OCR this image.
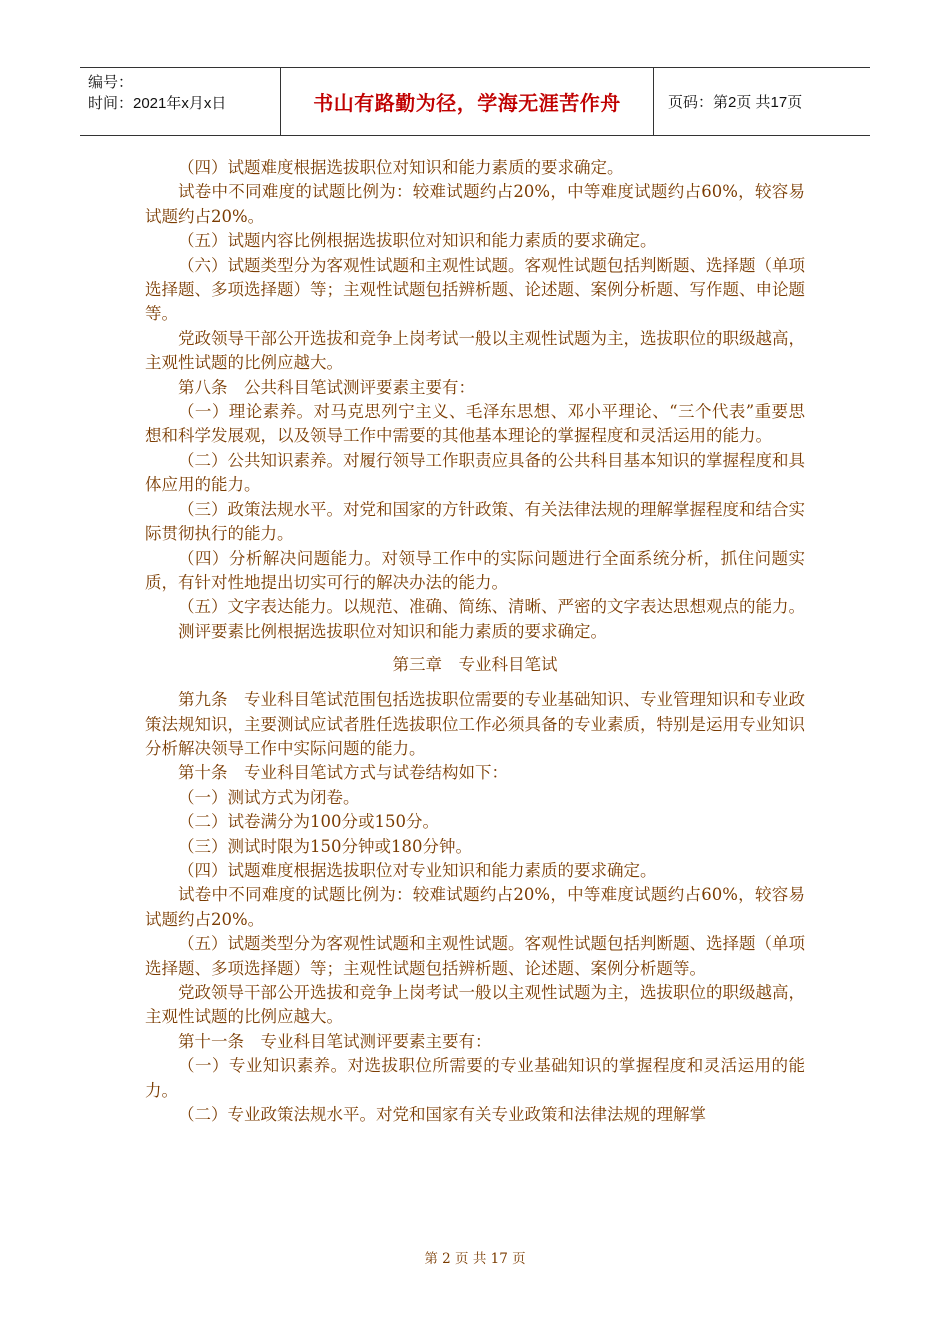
编号：
时间：2021年x月x日	书山有路勤为径，学海无涯苦作舟	页码：第2页 共17页

（四）试题难度根据选拔职位对知识和能力素质的要求确定。

试卷中不同难度的试题比例为：较难试题约占20%，中等难度试题约占60%，较容易试题约占20%。

（五）试题内容比例根据选拔职位对知识和能力素质的要求确定。

（六）试题类型分为客观性试题和主观性试题。客观性试题包括判断题、选择题（单项选择题、多项选择题）等；主观性试题包括辨析题、论述题、案例分析题、写作题、申论题等。

党政领导干部公开选拔和竞争上岗考试一般以主观性试题为主，选拔职位的职级越高，主观性试题的比例应越大。

第八条　公共科目笔试测评要素主要有：

（一）理论素养。对马克思列宁主义、毛泽东思想、邓小平理论、“三个代表”重要思想和科学发展观，以及领导工作中需要的其他基本理论的掌握程度和灵活运用的能力。

（二）公共知识素养。对履行领导工作职责应具备的公共科目基本知识的掌握程度和具体应用的能力。

（三）政策法规水平。对党和国家的方针政策、有关法律法规的理解掌握程度和结合实际贯彻执行的能力。

（四）分析解决问题能力。对领导工作中的实际问题进行全面系统分析，抓住问题实质，有针对性地提出切实可行的解决办法的能力。

（五）文字表达能力。以规范、准确、简练、清晰、严密的文字表达思想观点的能力。

测评要素比例根据选拔职位对知识和能力素质的要求确定。

第三章　专业科目笔试

第九条　专业科目笔试范围包括选拔职位需要的专业基础知识、专业管理知识和专业政策法规知识，主要测试应试者胜任选拔职位工作必须具备的专业素质，特别是运用专业知识分析解决领导工作中实际问题的能力。

第十条　专业科目笔试方式与试卷结构如下：

（一）测试方式为闭卷。

（二）试卷满分为100分或150分。

（三）测试时限为150分钟或180分钟。

（四）试题难度根据选拔职位对专业知识和能力素质的要求确定。

试卷中不同难度的试题比例为：较难试题约占20%，中等难度试题约占60%，较容易试题约占20%。

（五）试题类型分为客观性试题和主观性试题。客观性试题包括判断题、选择题（单项选择题、多项选择题）等；主观性试题包括辨析题、论述题、案例分析题等。

党政领导干部公开选拔和竞争上岗考试一般以主观性试题为主，选拔职位的职级越高，主观性试题的比例应越大。

第十一条　专业科目笔试测评要素主要有：

（一）专业知识素养。对选拔职位所需要的专业基础知识的掌握程度和灵活运用的能力。

（二）专业政策法规水平。对党和国家有关专业政策和法律法规的理解掌

第 2 页 共 17 页
